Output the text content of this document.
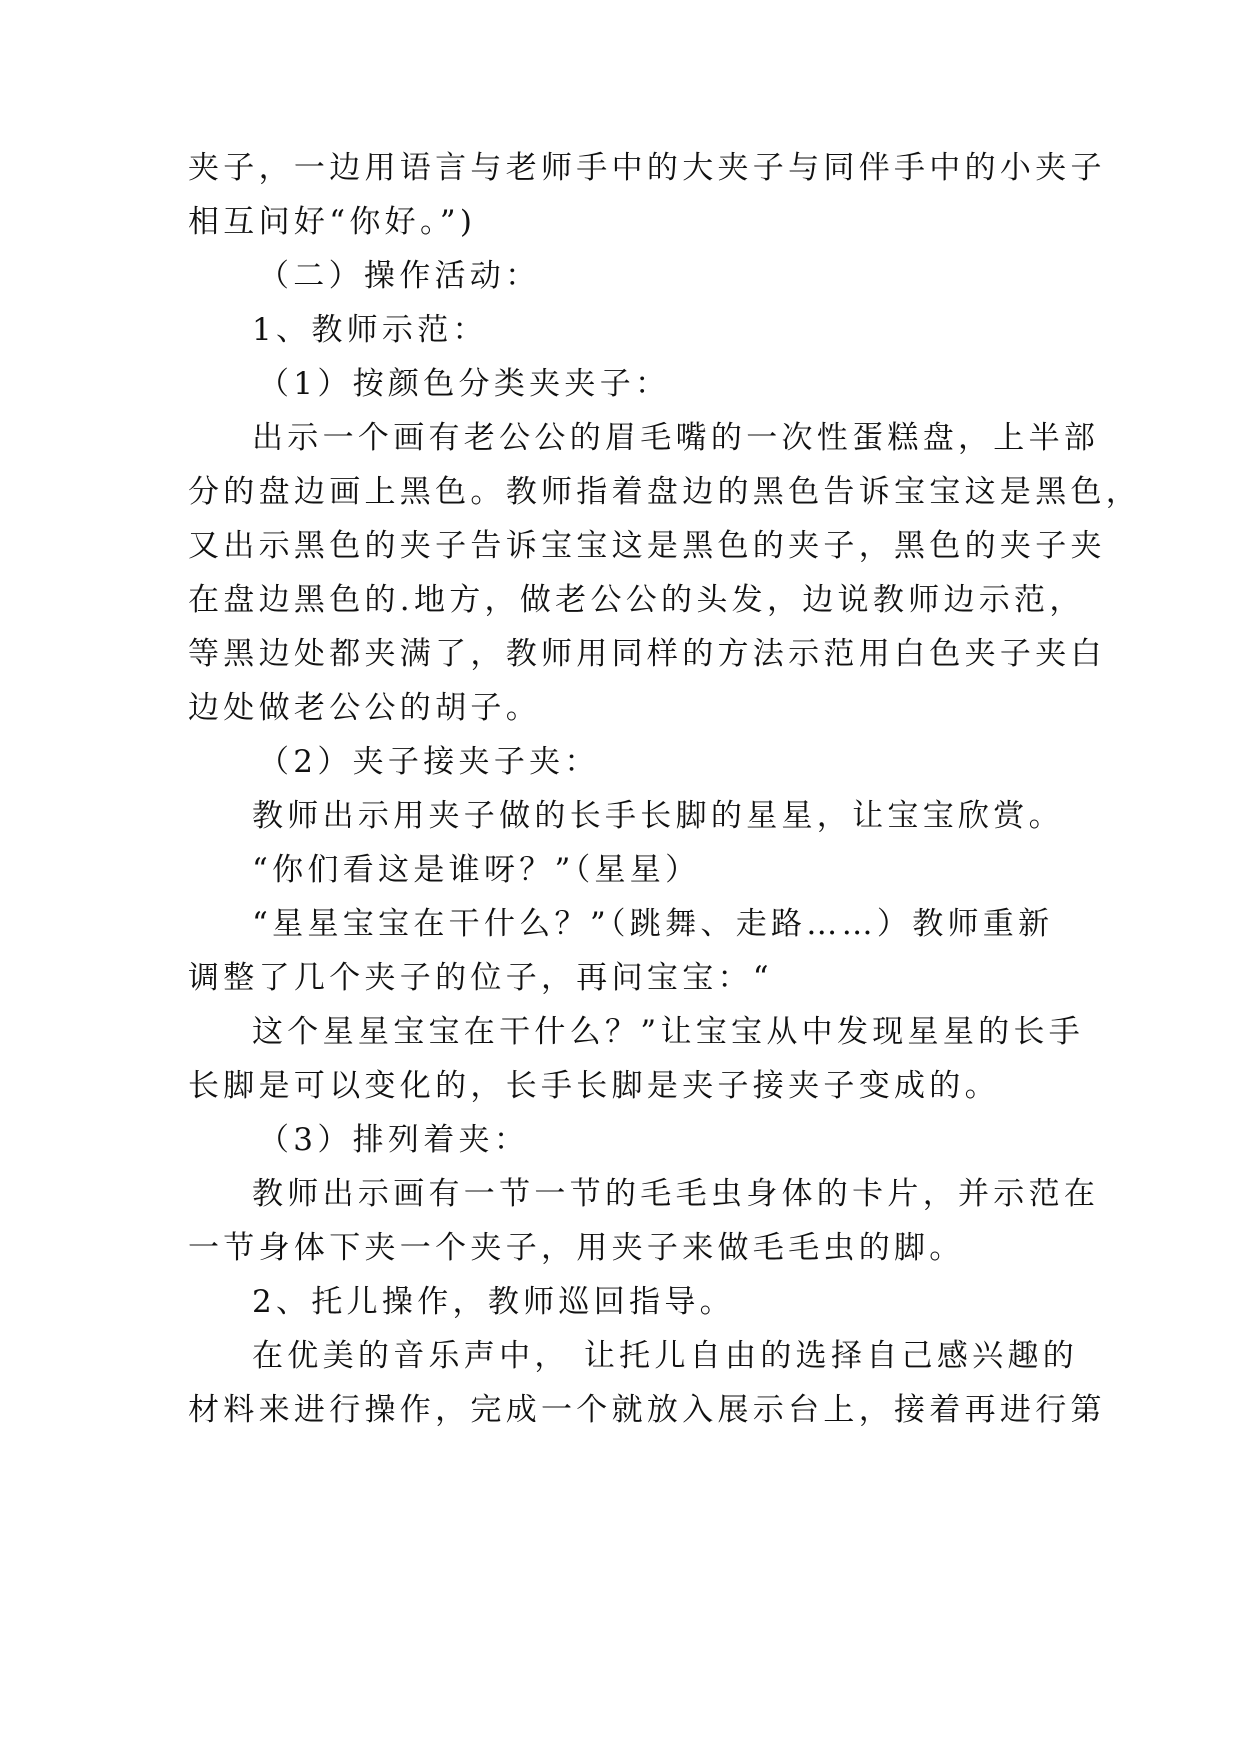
夹子，一边用语言与老师手中的大夹子与同伴手中的小夹子
相互问好“你好。”)
（二）操作活动：
1、教师示范：
（1）按颜色分类夹夹子：
出示一个画有老公公的眉毛嘴的一次性蛋糕盘，上半部
分的盘边画上黑色。教师指着盘边的黑色告诉宝宝这是黑色，
又出示黑色的夹子告诉宝宝这是黑色的夹子，黑色的夹子夹
在盘边黑色的.地方，做老公公的头发，边说教师边示范，
等黑边处都夹满了，教师用同样的方法示范用白色夹子夹白
边处做老公公的胡子。
（2）夹子接夹子夹：
教师出示用夹子做的长手长脚的星星，让宝宝欣赏。
“你们看这是谁呀？”（星星）
“星星宝宝在干什么？”（跳舞、走路……）教师重新
调整了几个夹子的位子，再问宝宝：“
这个星星宝宝在干什么？”让宝宝从中发现星星的长手
长脚是可以变化的，长手长脚是夹子接夹子变成的。
（3）排列着夹：
教师出示画有一节一节的毛毛虫身体的卡片，并示范在
一节身体下夹一个夹子，用夹子来做毛毛虫的脚。
2、托儿操作，教师巡回指导。
在优美的音乐声中， 让托儿自由的选择自己感兴趣的
材料来进行操作，完成一个就放入展示台上，接着再进行第
